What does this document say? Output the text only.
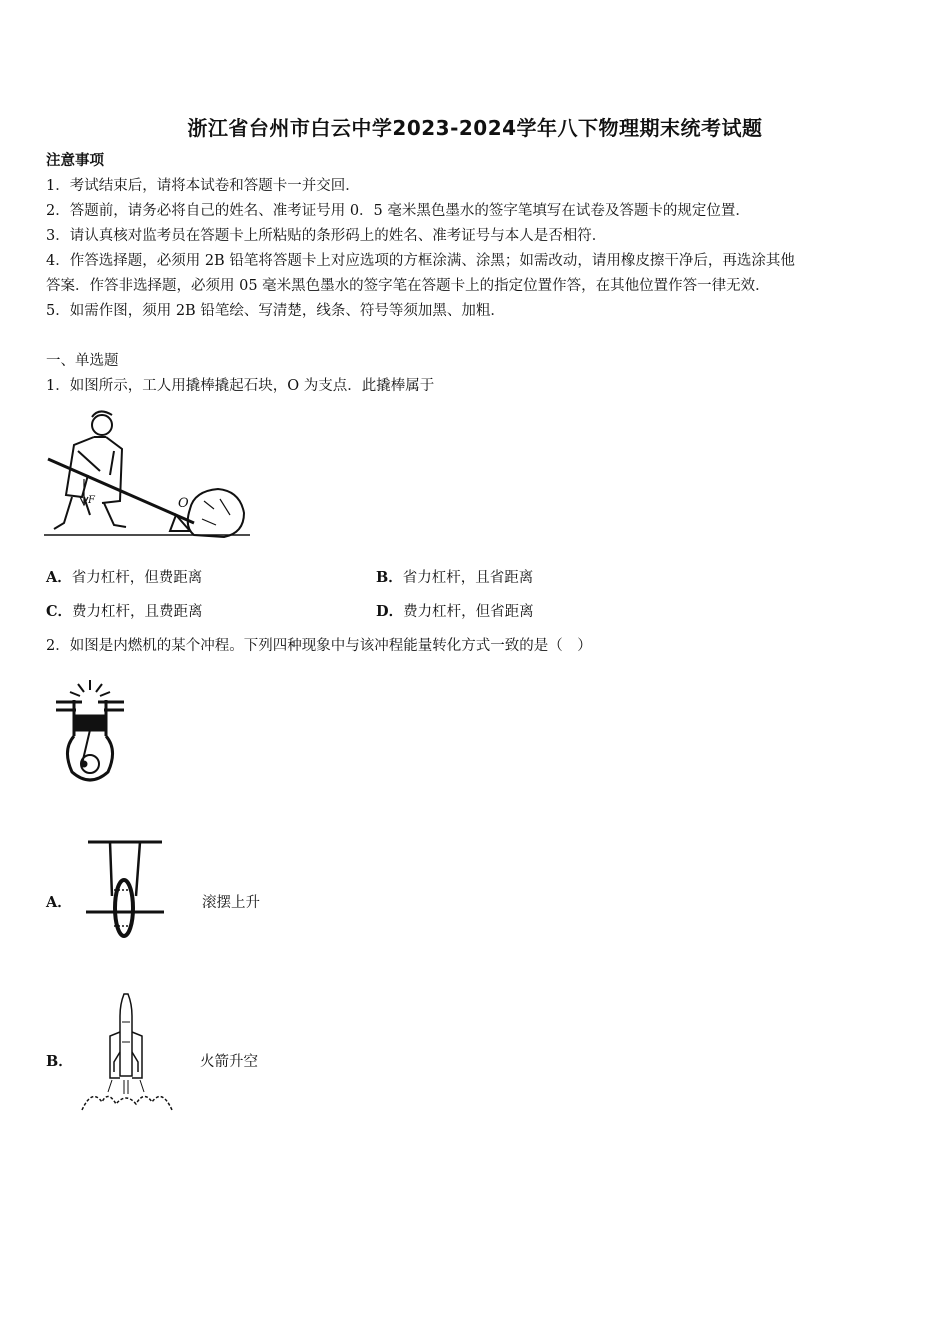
浙江省台州市白云中学2023-2024学年八下物理期末统考试题
注意事项
1．考试结束后，请将本试卷和答题卡一并交回．
2．答题前，请务必将自己的姓名、准考证号用 0．5 毫米黑色墨水的签字笔填写在试卷及答题卡的规定位置．
3．请认真核对监考员在答题卡上所粘贴的条形码上的姓名、准考证号与本人是否相符．
4．作答选择题，必须用 2B 铅笔将答题卡上对应选项的方框涂满、涂黑；如需改动，请用橡皮擦干净后，再选涂其他
答案．作答非选择题，必须用 05 毫米黑色墨水的签字笔在答题卡上的指定位置作答，在其他位置作答一律无效．
5．如需作图，须用 2B 铅笔绘、写清楚，线条、符号等须加黑、加粗．
一、单选题
1．如图所示，工人用撬棒撬起石块，O 为支点．此撬棒属于
O
F
A．省力杠杆，但费距离	B．省力杠杆，且省距离
C．费力杠杆，且费距离	D．费力杠杆，但省距离
2．如图是内燃机的某个冲程。下列四种现象中与该冲程能量转化方式一致的是（　）
A．	滚摆上升
B．	火箭升空
